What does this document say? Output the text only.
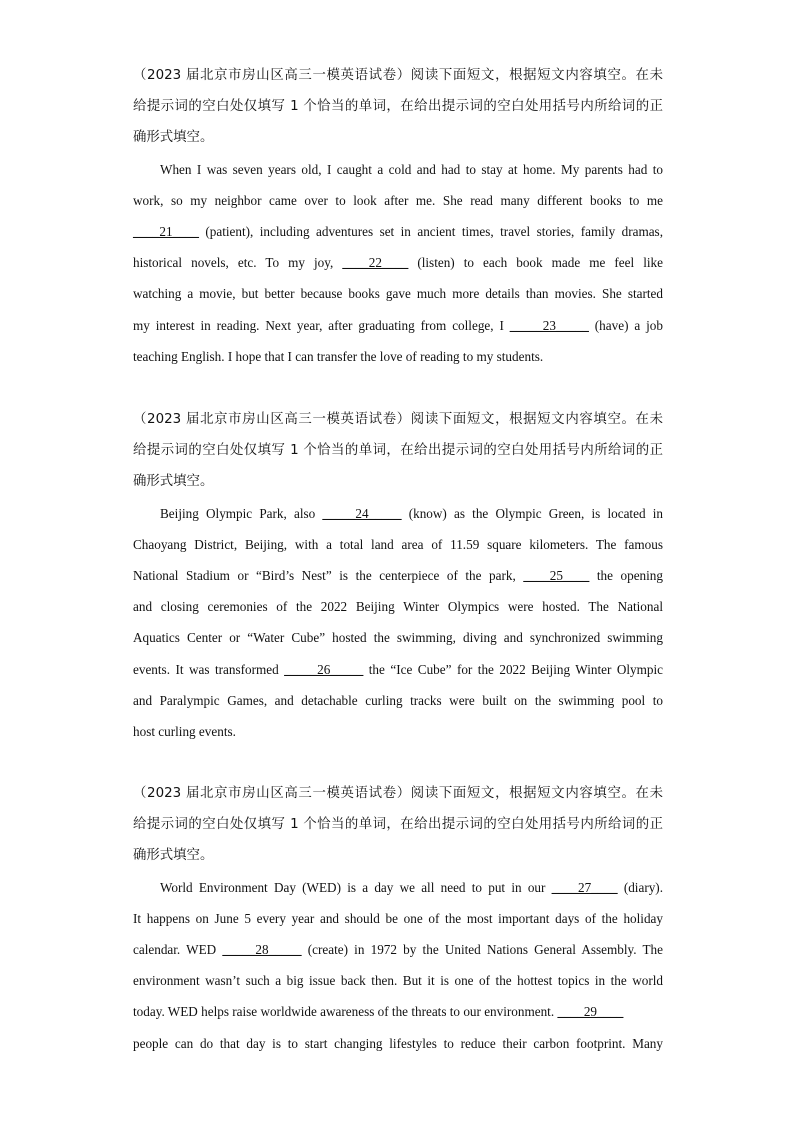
（2023 届北京市房山区高三一模英语试卷）阅读下面短文，根据短文内容填空。在未
给提示词的空白处仅填写 1 个恰当的单词，在给出提示词的空白处用括号内所给词的正
确形式填空。
When I was seven years old, I caught a cold and had to stay at home. My parents had to
work, so my neighbor came over to look after me. She read many different books to me
____21____ (patient), including adventures set in ancient times, travel stories, family dramas,
historical novels, etc. To my joy, ____22____ (listen) to each book made me feel like
watching a movie, but better because books gave much more details than movies. She started
my interest in reading. Next year, after graduating from college, I _____23_____ (have) a job
teaching English. I hope that I can transfer the love of reading to my students.
（2023 届北京市房山区高三一模英语试卷）阅读下面短文，根据短文内容填空。在未
给提示词的空白处仅填写 1 个恰当的单词，在给出提示词的空白处用括号内所给词的正
确形式填空。
Beijing Olympic Park, also _____24_____ (know) as the Olympic Green, is located in
Chaoyang District, Beijing, with a total land area of 11.59 square kilometers. The famous
National Stadium or “Bird’s Nest” is the centerpiece of the park, ____25____ the opening
and closing ceremonies of the 2022 Beijing Winter Olympics were hosted. The National
Aquatics Center or “Water Cube” hosted the swimming, diving and synchronized swimming
events. It was transformed _____26_____ the “Ice Cube” for the 2022 Beijing Winter Olympic
and Paralympic Games, and detachable curling tracks were built on the swimming pool to
host curling events.
（2023 届北京市房山区高三一模英语试卷）阅读下面短文，根据短文内容填空。在未
给提示词的空白处仅填写 1 个恰当的单词，在给出提示词的空白处用括号内所给词的正
确形式填空。
World Environment Day (WED) is a day we all need to put in our ____27____ (diary).
It happens on June 5 every year and should be one of the most important days of the holiday
calendar. WED _____28_____ (create) in 1972 by the United Nations General Assembly. The
environment wasn’t such a big issue back then. But it is one of the hottest topics in the world
today. WED helps raise worldwide awareness of the threats to our environment. ____29____
people can do that day is to start changing lifestyles to reduce their carbon footprint. Many
